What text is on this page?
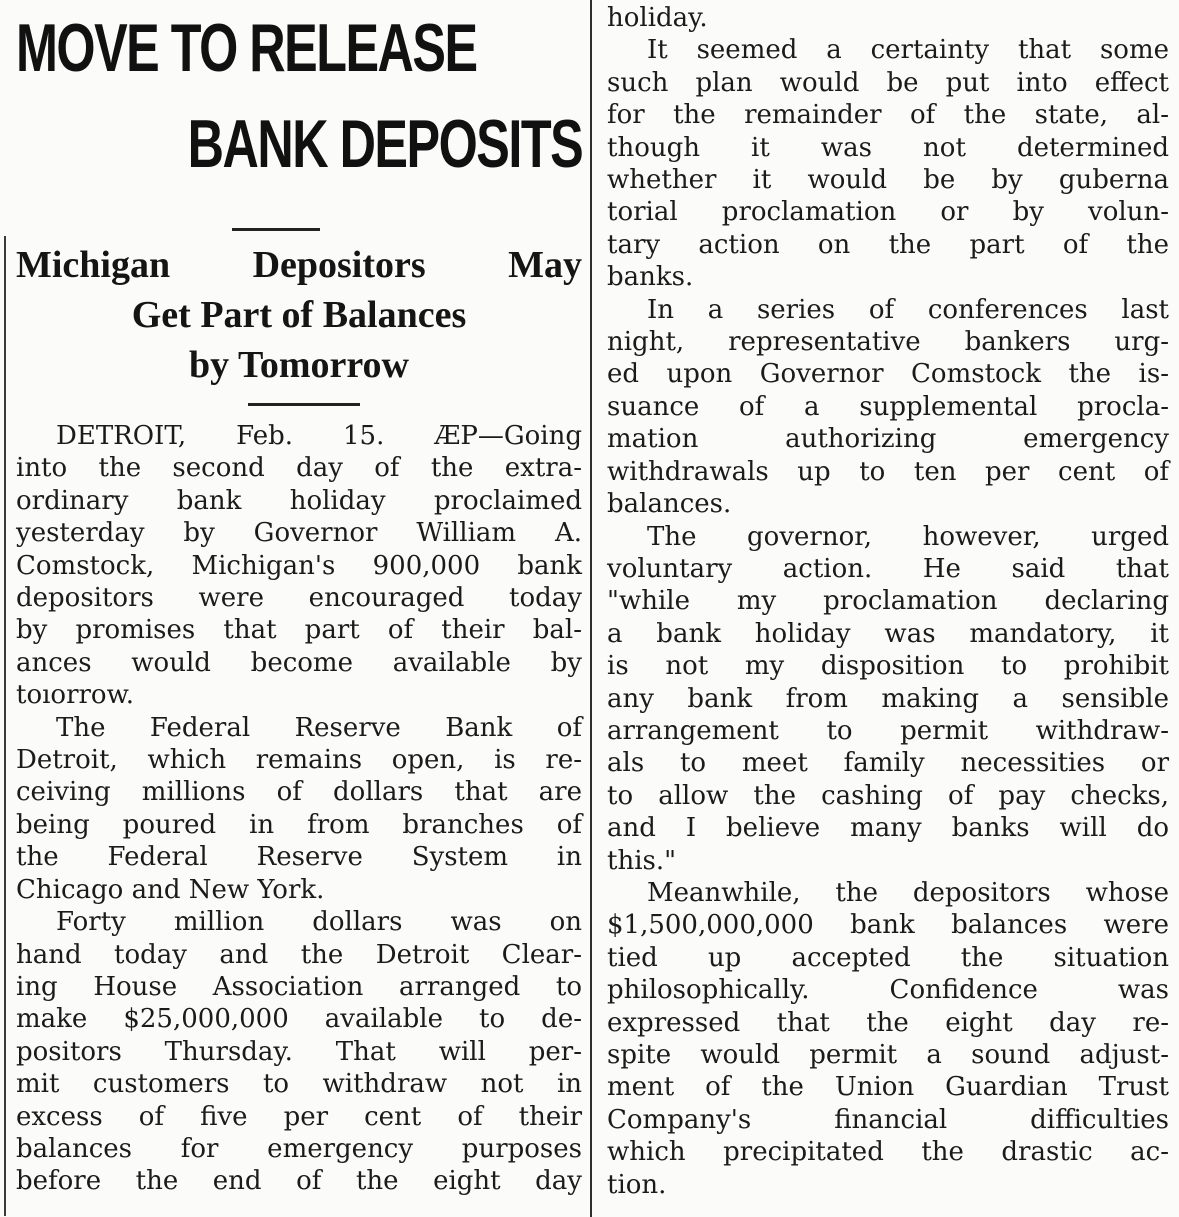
MOVE TO RELEASE
BANK DEPOSITS
Michigan Depositors May
Get Part of Balances
by Tomorrow
DETROIT, Feb. 15. ÆP—Going
into the second day of the extra-
ordinary bank holiday proclaimed
yesterday by Governor William A.
Comstock, Michigan's 900,000 bank
depositors were encouraged today
by promises that part of their bal-
ances would become available by
toıorrow.
The Federal Reserve Bank of
Detroit, which remains open, is re-
ceiving millions of dollars that are
being poured in from branches of
the Federal Reserve System in
Chicago and New York.
Forty million dollars was on
hand today and the Detroit Clear-
ing House Association arranged to
make $25,000,000 available to de-
positors Thursday. That will per-
mit customers to withdraw not in
excess of five per cent of their
balances for emergency purposes
before the end of the eight day
holiday.
It seemed a certainty that some
such plan would be put into effect
for the remainder of the state, al-
though it was not determined
whether it would be by guberna
torial proclamation or by volun-
tary action on the part of the
banks.
In a series of conferences last
night, representative bankers urg-
ed upon Governor Comstock the is-
suance of a supplemental procla-
mation authorizing emergency
withdrawals up to ten per cent of
balances.
The governor, however, urged
voluntary action. He said that
"while my proclamation declaring
a bank holiday was mandatory, it
is not my disposition to prohibit
any bank from making a sensible
arrangement to permit withdraw-
als to meet family necessities or
to allow the cashing of pay checks,
and I believe many banks will do
this."
Meanwhile, the depositors whose
$1,500,000,000 bank balances were
tied up accepted the situation
philosophically. Confidence was
expressed that the eight day re-
spite would permit a sound adjust-
ment of the Union Guardian Trust
Company's financial difficulties
which precipitated the drastic ac-
tion.
